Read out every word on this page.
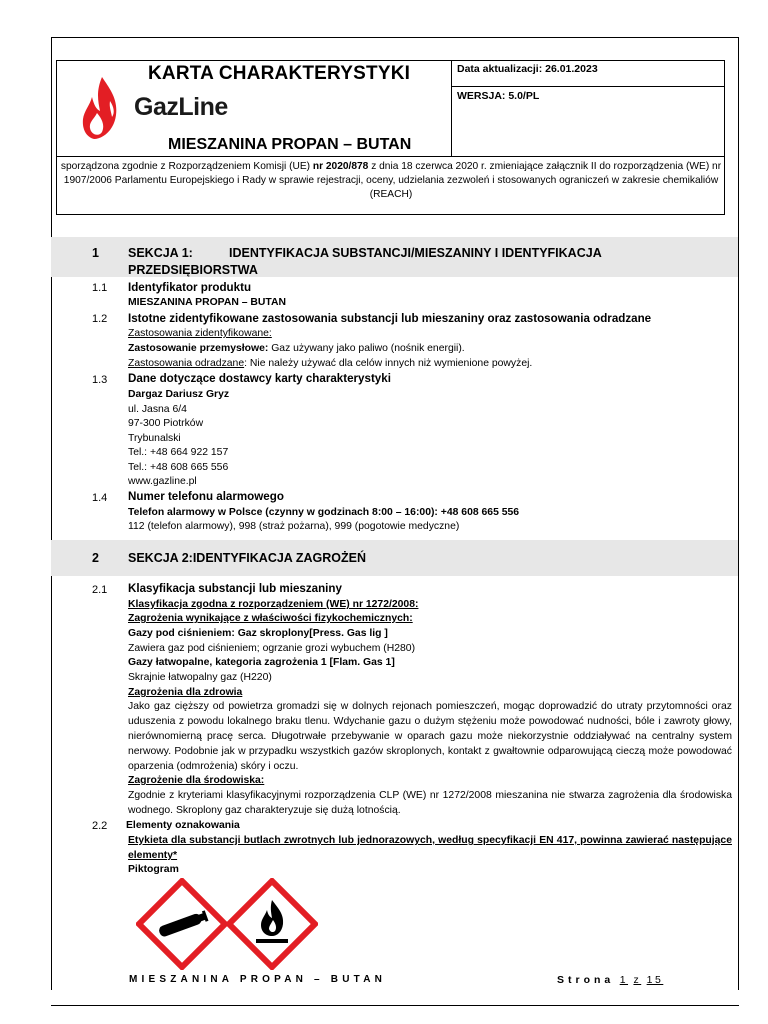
KARTA CHARAKTERYSTYKI
GazLine
MIESZANINA PROPAN – BUTAN
Data aktualizacji: 26.01.2023
WERSJA: 5.0/PL
sporządzona zgodnie z Rozporządzeniem Komisji (UE) nr 2020/878 z dnia 18 czerwca 2020 r. zmieniające załącznik II do rozporządzenia (WE) nr 1907/2006 Parlamentu Europejskiego i Rady w sprawie rejestracji, oceny, udzielania zezwoleń i stosowanych ograniczeń w zakresie chemikaliów (REACH)
1 SEKCJA 1:	IDENTYFIKACJA SUBSTANCJI/MIESZANINY I IDENTYFIKACJA
PRZEDSIĘBIORSTWA
1.1 Identyfikator produktu
MIESZANINA PROPAN – BUTAN
1.2 Istotne zidentyfikowane zastosowania substancji lub mieszaniny oraz zastosowania odradzane
Zastosowania zidentyfikowane:
Zastosowanie przemysłowe: Gaz używany jako paliwo (nośnik energii).
Zastosowania odradzane: Nie należy używać dla celów innych niż wymienione powyżej.
1.3 Dane dotyczące dostawcy karty charakterystyki
Dargaz Dariusz Gryz
ul. Jasna 6/4
97-300 Piotrków
Trybunalski
Tel.: +48 664 922 157
Tel.: +48 608 665 556
www.gazline.pl
1.4 Numer telefonu alarmowego
Telefon alarmowy w Polsce (czynny w godzinach 8:00 – 16:00): +48 608 665 556
112 (telefon alarmowy), 998 (straż pożarna), 999 (pogotowie medyczne)
2 SEKCJA 2:IDENTYFIKACJA ZAGROŻEŃ
2.1 Klasyfikacja substancji lub mieszaniny
Klasyfikacja zgodna z rozporządzeniem (WE) nr 1272/2008:
Zagrożenia wynikające z właściwości fizykochemicznych:
Gazy pod ciśnieniem: Gaz skroplony[Press. Gas lig ]
Zawiera gaz pod ciśnieniem; ogrzanie grozi wybuchem (H280)
Gazy łatwopalne, kategoria zagrożenia 1 [Flam. Gas 1]
Skrajnie łatwopalny gaz (H220)
Zagrożenia dla zdrowia
Jako gaz cięższy od powietrza gromadzi się w dolnych rejonach pomieszczeń, mogąc doprowadzić do utraty przytomności oraz uduszenia z powodu lokalnego braku tlenu. Wdychanie gazu o dużym stężeniu może powodować nudności, bóle i zawroty głowy, nierównomierną pracę serca. Długotrwałe przebywanie w oparach gazu może niekorzystnie oddziaływać na centralny system nerwowy. Podobnie jak w przypadku wszystkich gazów skroplonych, kontakt z gwałtownie odparowującą cieczą może powodować oparzenia (odmrożenia) skóry i oczu.
Zagrożenie dla środowiska:
Zgodnie z kryteriami klasyfikacyjnymi rozporządzenia CLP (WE) nr 1272/2008 mieszanina nie stwarza zagrożenia dla środowiska wodnego. Skroplony gaz charakteryzuje się dużą lotnością.
2.2 Elementy oznakowania
Etykieta dla substancji butlach zwrotnych lub jednorazowych, według specyfikacji EN 417, powinna zawierać następujące elementy*
Piktogram
MIESZANINA PROPAN – BUTAN	Strona 1 z 15
